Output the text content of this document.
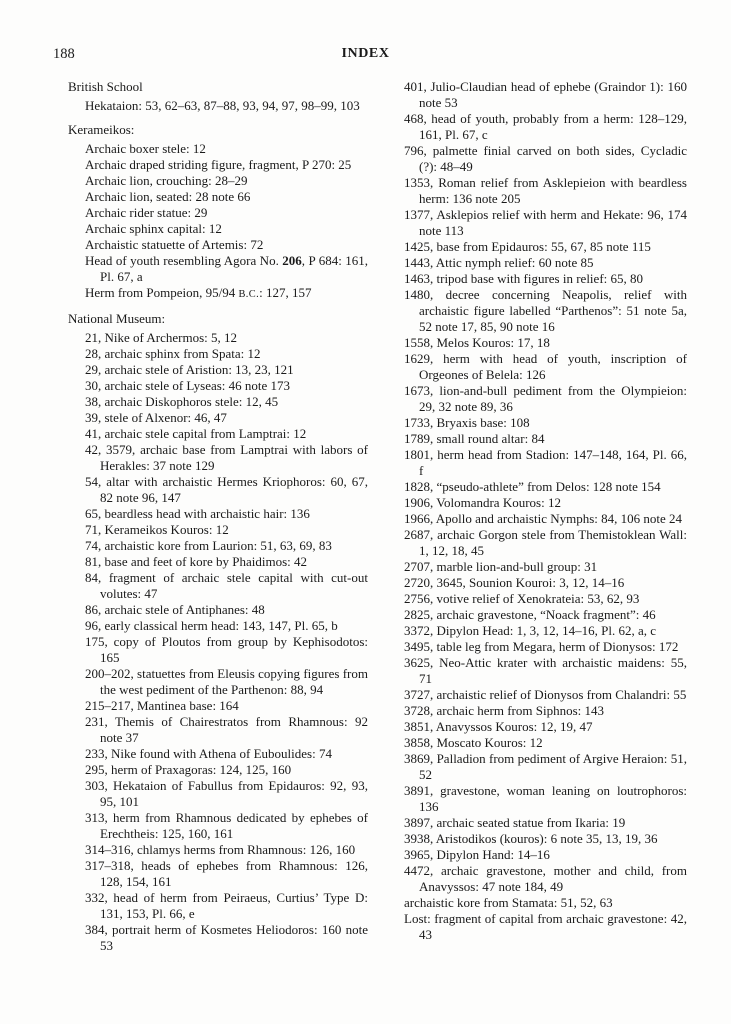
188	INDEX
British School
Hekataion: 53, 62–63, 87–88, 93, 94, 97, 98–99, 103
Kerameikos:
Archaic boxer stele: 12
Archaic draped striding figure, fragment, P 270: 25
Archaic lion, crouching: 28–29
Archaic lion, seated: 28 note 66
Archaic rider statue: 29
Archaic sphinx capital: 12
Archaistic statuette of Artemis: 72
Head of youth resembling Agora No. 206, P 684: 161, Pl. 67, a
Herm from Pompeion, 95/94 B.C.: 127, 157
National Museum:
21, Nike of Archermos: 5, 12
28, archaic sphinx from Spata: 12
29, archaic stele of Aristion: 13, 23, 121
30, archaic stele of Lyseas: 46 note 173
38, archaic Diskophoros stele: 12, 45
39, stele of Alxenor: 46, 47
41, archaic stele capital from Lamptrai: 12
42, 3579, archaic base from Lamptrai with labors of Herakles: 37 note 129
54, altar with archaistic Hermes Kriophoros: 60, 67, 82 note 96, 147
65, beardless head with archaistic hair: 136
71, Kerameikos Kouros: 12
74, archaistic kore from Laurion: 51, 63, 69, 83
81, base and feet of kore by Phaidimos: 42
84, fragment of archaic stele capital with cut-out volutes: 47
86, archaic stele of Antiphanes: 48
96, early classical herm head: 143, 147, Pl. 65, b
175, copy of Ploutos from group by Kephisodotos: 165
200–202, statuettes from Eleusis copying figures from the west pediment of the Parthenon: 88, 94
215–217, Mantinea base: 164
231, Themis of Chairestratos from Rhamnous: 92 note 37
233, Nike found with Athena of Euboulides: 74
295, herm of Praxagoras: 124, 125, 160
303, Hekataion of Fabullus from Epidauros: 92, 93, 95, 101
313, herm from Rhamnous dedicated by ephebes of Erechtheis: 125, 160, 161
314–316, chlamys herms from Rhamnous: 126, 160
317–318, heads of ephebes from Rhamnous: 126, 128, 154, 161
332, head of herm from Peiraeus, Curtius’ Type D: 131, 153, Pl. 66, e
384, portrait herm of Kosmetes Heliodoros: 160 note 53
401, Julio-Claudian head of ephebe (Graindor 1): 160 note 53
468, head of youth, probably from a herm: 128–129, 161, Pl. 67, c
796, palmette finial carved on both sides, Cycladic (?): 48–49
1353, Roman relief from Asklepieion with beardless herm: 136 note 205
1377, Asklepios relief with herm and Hekate: 96, 174 note 113
1425, base from Epidauros: 55, 67, 85 note 115
1443, Attic nymph relief: 60 note 85
1463, tripod base with figures in relief: 65, 80
1480, decree concerning Neapolis, relief with archaistic figure labelled “Parthenos”: 51 note 5a, 52 note 17, 85, 90 note 16
1558, Melos Kouros: 17, 18
1629, herm with head of youth, inscription of Orgeones of Belela: 126
1673, lion-and-bull pediment from the Olympieion: 29, 32 note 89, 36
1733, Bryaxis base: 108
1789, small round altar: 84
1801, herm head from Stadion: 147–148, 164, Pl. 66, f
1828, “pseudo-athlete” from Delos: 128 note 154
1906, Volomandra Kouros: 12
1966, Apollo and archaistic Nymphs: 84, 106 note 24
2687, archaic Gorgon stele from Themistoklean Wall: 1, 12, 18, 45
2707, marble lion-and-bull group: 31
2720, 3645, Sounion Kouroi: 3, 12, 14–16
2756, votive relief of Xenokrateia: 53, 62, 93
2825, archaic gravestone, “Noack fragment”: 46
3372, Dipylon Head: 1, 3, 12, 14–16, Pl. 62, a, c
3495, table leg from Megara, herm of Dionysos: 172
3625, Neo-Attic krater with archaistic maidens: 55, 71
3727, archaistic relief of Dionysos from Chalandri: 55
3728, archaic herm from Siphnos: 143
3851, Anavyssos Kouros: 12, 19, 47
3858, Moscato Kouros: 12
3869, Palladion from pediment of Argive Heraion: 51, 52
3891, gravestone, woman leaning on loutrophoros: 136
3897, archaic seated statue from Ikaria: 19
3938, Aristodikos (kouros): 6 note 35, 13, 19, 36
3965, Dipylon Hand: 14–16
4472, archaic gravestone, mother and child, from Anavyssos: 47 note 184, 49
archaistic kore from Stamata: 51, 52, 63
Lost: fragment of capital from archaic gravestone: 42, 43
